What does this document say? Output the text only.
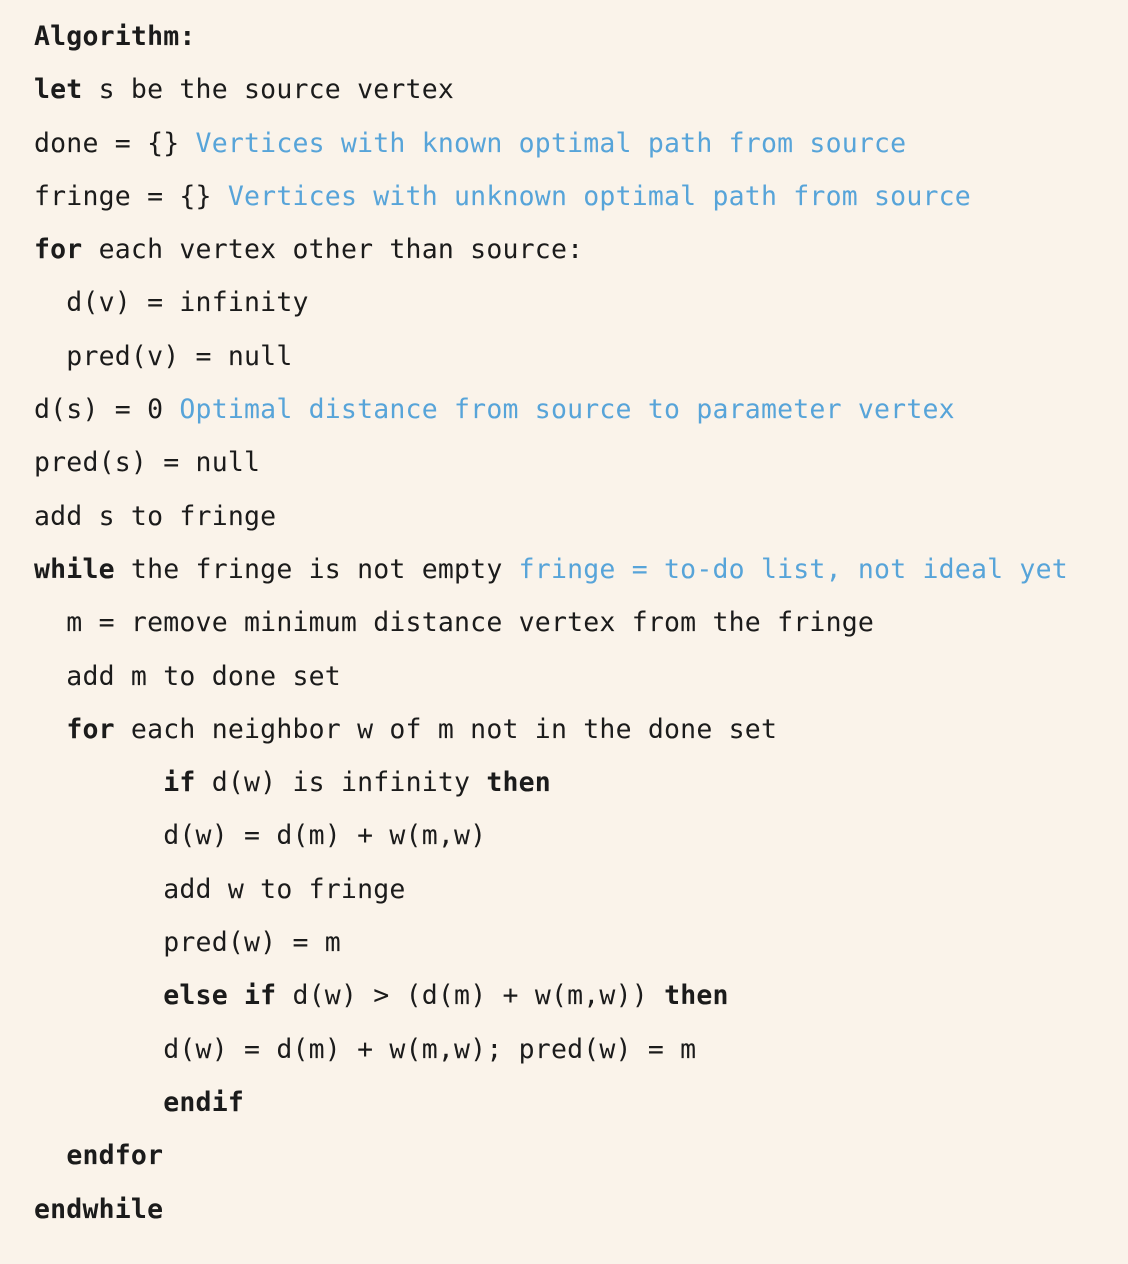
Algorithm:
let s be the source vertex
done = {} Vertices with known optimal path from source
fringe = {} Vertices with unknown optimal path from source
for each vertex other than source:
d(v) = infinity
pred(v) = null
d(s) = 0 Optimal distance from source to parameter vertex
pred(s) = null
add s to fringe
while the fringe is not empty fringe = to-do list, not ideal yet
m = remove minimum distance vertex from the fringe
add m to done set
for each neighbor w of m not in the done set
if d(w) is infinity then
d(w) = d(m) + w(m,w)
add w to fringe
pred(w) = m
else if d(w) > (d(m) + w(m,w)) then
d(w) = d(m) + w(m,w); pred(w) = m
endif
endfor
endwhile
